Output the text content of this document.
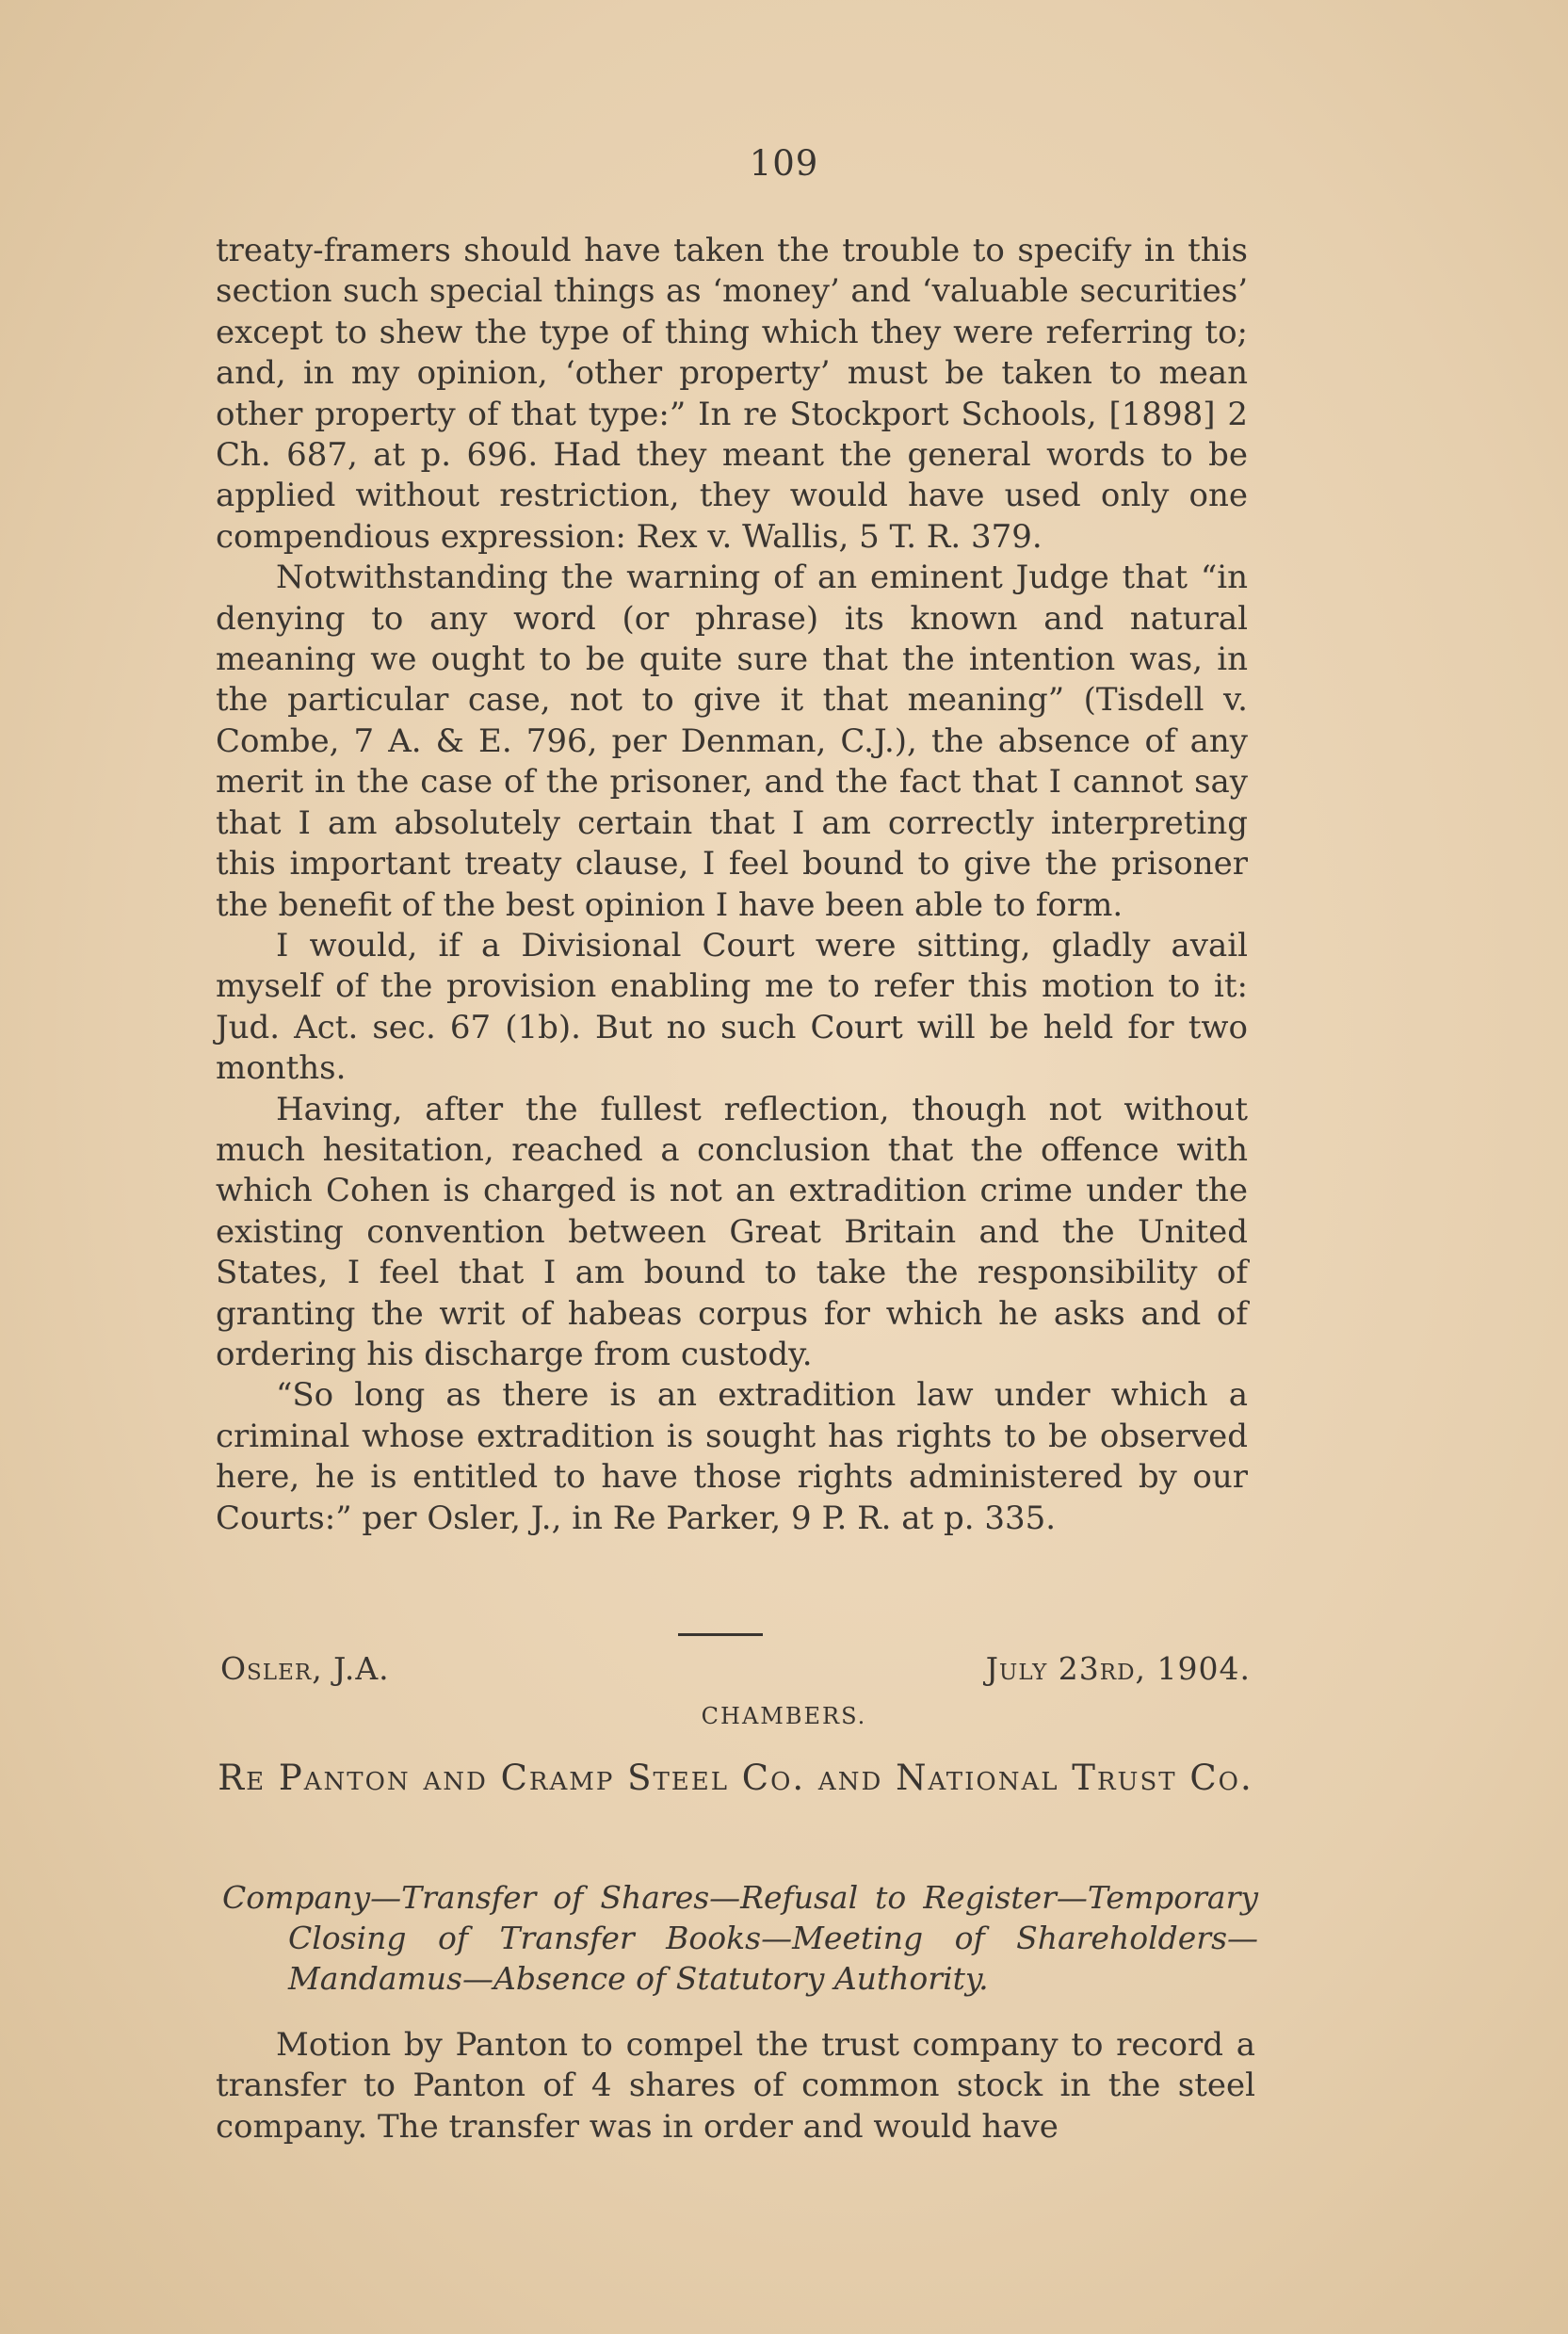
109

treaty-framers should have taken the trouble to specify in this section such special things as ‘money’ and ‘valuable securities’ except to shew the type of thing which they were referring to; and, in my opinion, ‘other property’ must be taken to mean other property of that type:” In re Stockport Schools, [1898] 2 Ch. 687, at p. 696. Had they meant the general words to be applied without restriction, they would have used only one compendious expression: Rex v. Wallis, 5 T. R. 379.

Notwithstanding the warning of an eminent Judge that “in denying to any word (or phrase) its known and natural meaning we ought to be quite sure that the intention was, in the particular case, not to give it that meaning” (Tisdell v. Combe, 7 A. & E. 796, per Denman, C.J.), the absence of any merit in the case of the prisoner, and the fact that I cannot say that I am absolutely certain that I am correctly interpreting this important treaty clause, I feel bound to give the prisoner the benefit of the best opinion I have been able to form.

I would, if a Divisional Court were sitting, gladly avail myself of the provision enabling me to refer this motion to it: Jud. Act. sec. 67 (1b). But no such Court will be held for two months.

Having, after the fullest reflection, though not without much hesitation, reached a conclusion that the offence with which Cohen is charged is not an extradition crime under the existing convention between Great Britain and the United States, I feel that I am bound to take the responsibility of granting the writ of habeas corpus for which he asks and of ordering his discharge from custody.

“So long as there is an extradition law under which a criminal whose extradition is sought has rights to be observed here, he is entitled to have those rights administered by our Courts:” per Osler, J., in Re Parker, 9 P. R. at p. 335.

Osler, J.A.	July 23rd, 1904.
CHAMBERS.
Re Panton and Cramp Steel Co. and National Trust Co.
Company—Transfer of Shares—Refusal to Register—Temporary Closing of Transfer Books—Meeting of Shareholders—Mandamus—Absence of Statutory Authority.

Motion by Panton to compel the trust company to record a transfer to Panton of 4 shares of common stock in the steel company. The transfer was in order and would have
